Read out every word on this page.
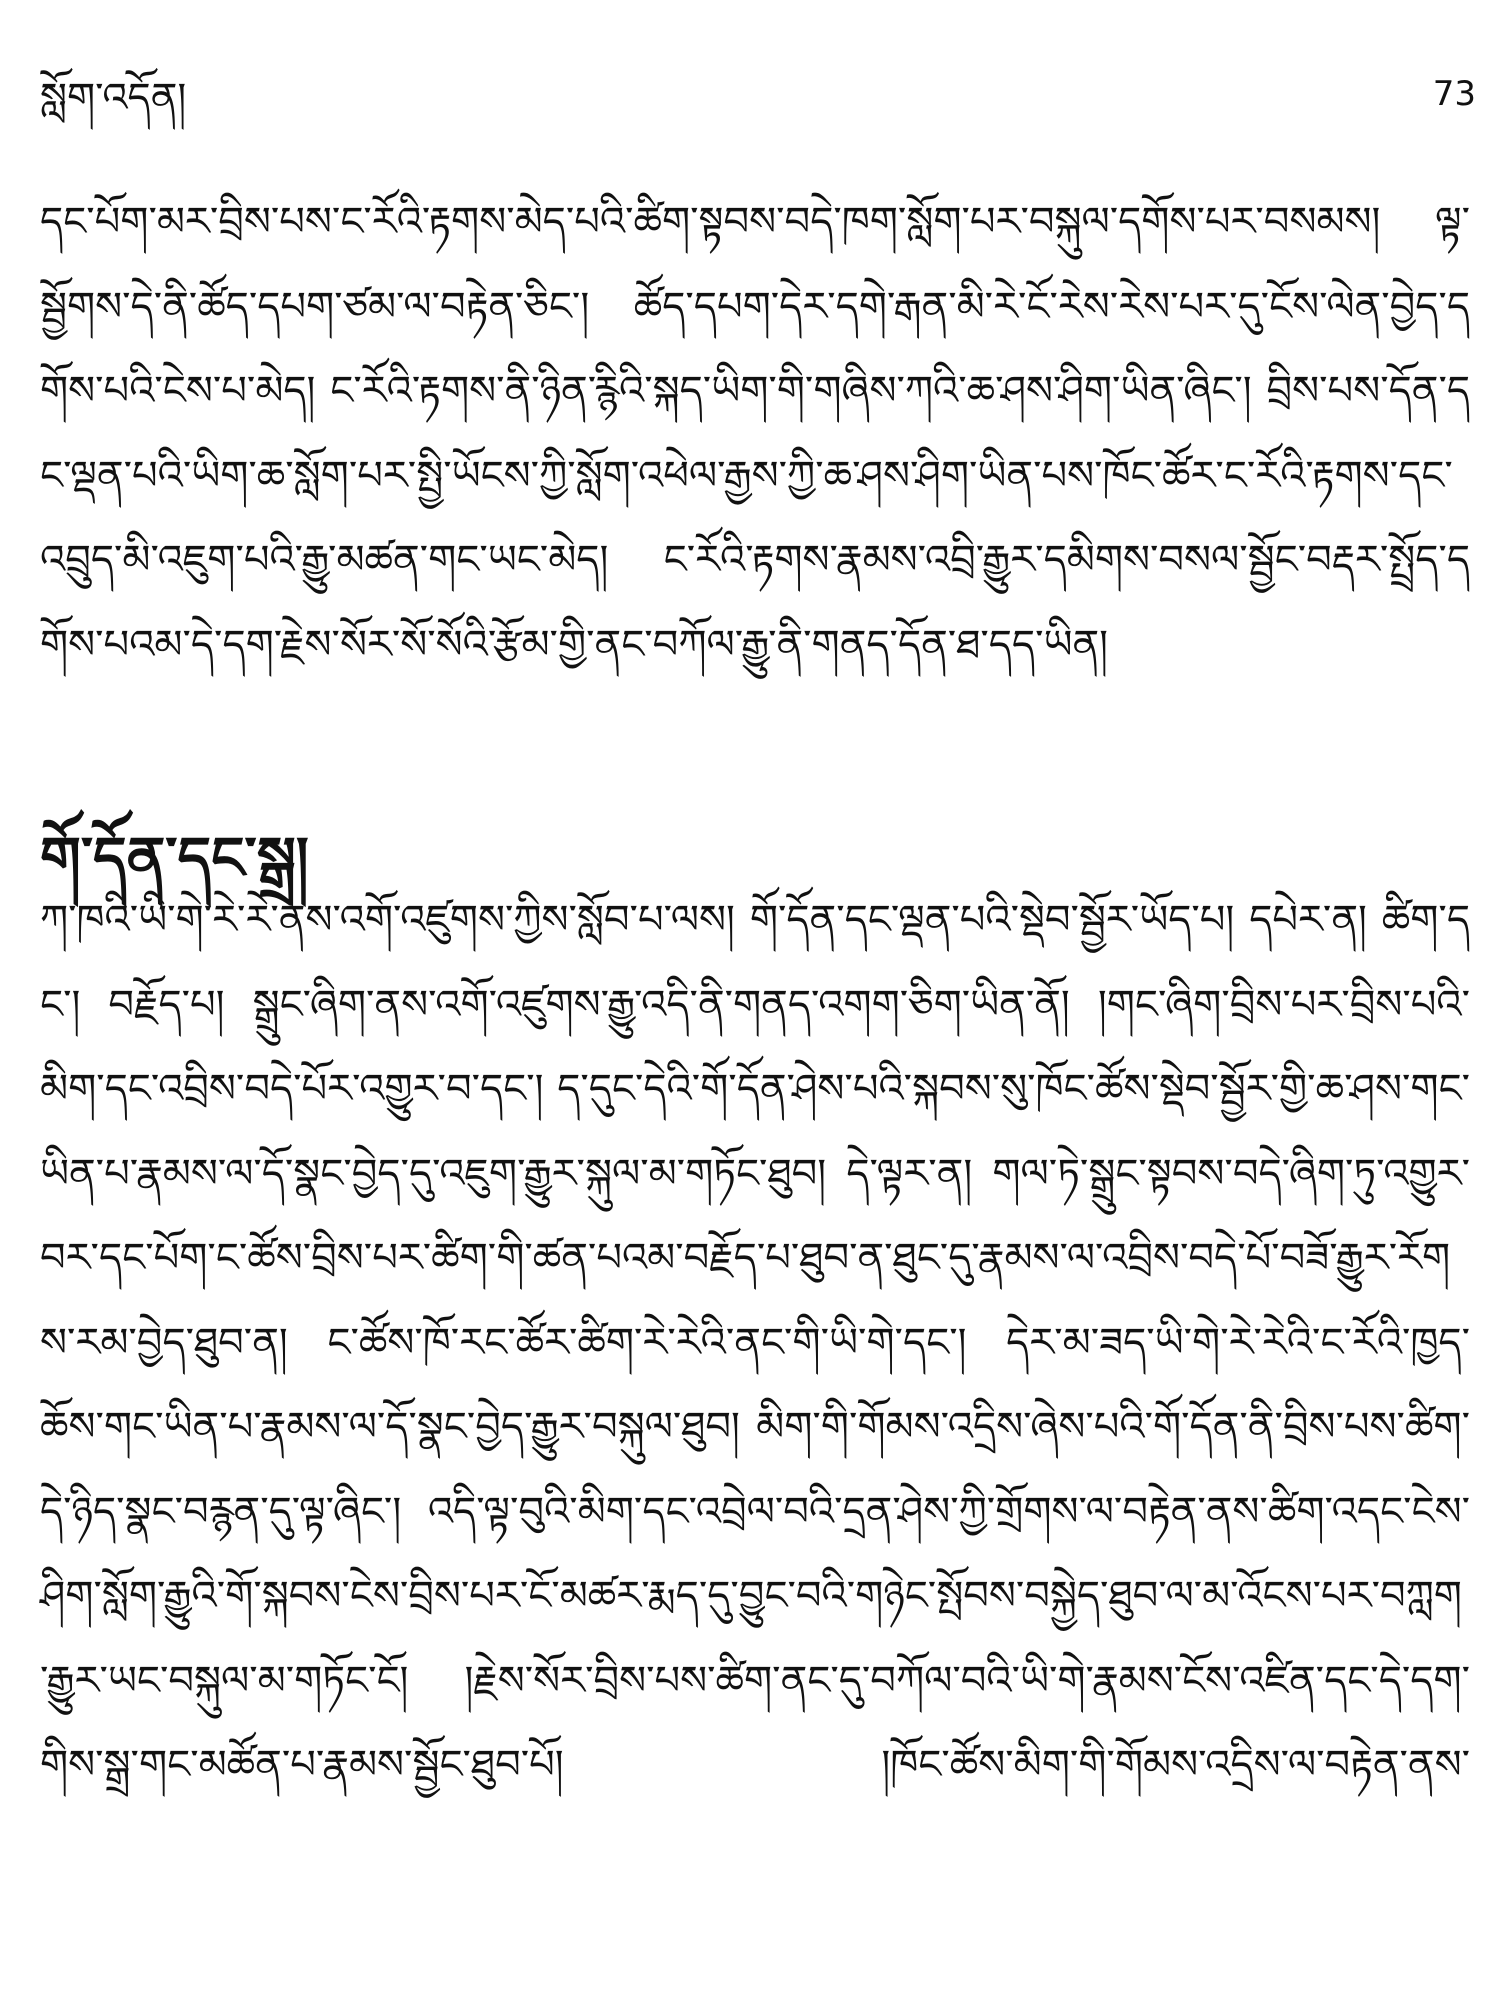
སློག་འདོན།	73

དང་པོག་མར་བྲིས་པས་ང་རོའི་རྟགས་མེད་པའི་ཚིག་སྟབས་བདེ་ཁག་སློག་པར་བསྐུལ་དགོས་པར་བསམས། ལྟ་སྦྱོགས་དེ་ནི་ཚོད་དཔག་ཙམ་ལ་བརྟེན་ཅིང་། ཚོད་དཔག་དེར་དགེ་རྒན་མི་རེ་ངོ་རེས་རེས་པར་དུ་ངོས་ལེན་བྱེད་དགོས་པའི་ངེས་པ་མེད། ང་རོའི་རྟགས་ནི་ཉིན་རྙིའི་སྐད་ཡིག་གི་གཞིས་ཀའི་ཆ་ཤས་ཤིག་ཡིན་ཞིང་། བྲིས་པས་དོན་དང་ལྡན་པའི་ཡིག་ཆ་སློག་པར་སྤྱི་ཡོངས་ཀྱི་སློག་འཕེལ་རྒྱས་ཀྱི་ཆ་ཤས་ཤིག་ཡིན་པས་ཁོང་ཚོར་ང་རོའི་རྟགས་དང་འབྲུད་མི་འཇུག་པའི་རྒྱུ་མཚན་གང་ཡང་མེད། ང་རོའི་རྟགས་རྣམས་འབྲི་རྒྱུར་དམིགས་བསལ་སྦྱོང་བརྡར་སྤྲོད་དགོས་པའམ་དེ་དག་རྗེས་སོར་སོ་སོའི་རྩོམ་གྱི་ནང་བཀོལ་རྒྱུ་ནི་གནད་དོན་ཐ་དད་ཡིན།

གོ་དོན་དང་སྒྲ།

ཀ་ཁའི་ཡི་གེ་རེ་རེ་ནས་འགོ་འཛུགས་ཀྱིས་སློབ་པ་ལས། གོ་དོན་དང་ལྡན་པའི་སྡེབ་སྦྱོར་ཡོད་པ། དཔེར་ན། ཚིག་དང་། བརྗོད་པ། སྒྲུང་ཞིག་ནས་འགོ་འཛུགས་རྒྱུ་འདི་ནི་གནད་འགག་ཅིག་ཡིན་ནོ། །གང་ཞིག་བྲིས་པར་བྲིས་པའི་མིག་དང་འབྲིས་བདེ་པོར་འགྱུར་བ་དང་། ད་དུང་དེའི་གོ་དོན་ཤེས་པའི་སྐབས་སུ་ཁོང་ཚོས་སྡེབ་སྦྱོར་གྱི་ཆ་ཤས་གང་ཡིན་པ་རྣམས་ལ་དོ་སྣང་བྱེད་དུ་འཇུག་རྒྱུར་སྐུལ་མ་གཏོང་ཐུབ། དེ་ལྟར་ན། གལ་ཏེ་སྒྲུང་སྟབས་བདེ་ཞིག་ཏུ་འགྱུར་བར་དང་པོག་ང་ཚོས་བྲིས་པར་ཚིག་གི་ཚན་པའམ་བརྗོད་པ་ཐུབ་ན་ཐུང་དུ་རྣམས་ལ་འབྲིས་བདེ་པོ་བཟོ་རྒྱུར་རོགས་རམ་བྱེད་ཐུབ་ན། ང་ཚོས་ཁོ་རང་ཚོར་ཚིག་རེ་རེའི་ནང་གི་ཡི་གེ་དང་། དེར་མ་ཟད་ཡི་གེ་རེ་རེའི་ང་རོའི་ཁྱད་ཆོས་གང་ཡིན་པ་རྣམས་ལ་དོ་སྣང་བྱེད་རྒྱུར་བསྐུལ་ཐུབ། མིག་གི་གོམས་འདྲིས་ཞེས་པའི་གོ་དོན་ནི་བྲིས་པས་ཚིག་དེ་ཉིད་སྣང་བརྙན་དུ་ལྟ་ཞིང་། འདི་ལྟ་བུའི་མིག་དང་འབྲེལ་བའི་དྲན་ཤེས་ཀྱི་གྲོགས་ལ་བརྟེན་ནས་ཚིག་འདང་ངེས་ཤིག་སློག་རྒྱུའི་གོ་སྐབས་ངེས་བྲིས་པར་ངོ་མཚར་རྨད་དུ་བྱུང་བའི་གཉེང་སྤོབས་བསྐྱེད་ཐུབ་ལ་མ་འོངས་པར་བཀླག་རྒྱུར་ཡང་བསྐུལ་མ་གཏོང་ངོ། །རྗེས་སོར་བྲིས་པས་ཚིག་ནང་དུ་བཀོལ་བའི་ཡི་གེ་རྣམས་ངོས་འཛིན་དང་དེ་དག་གིས་སྒྲ་གང་མཚོན་པ་རྣམས་སྦྱོང་ཐུབ་པོ། །ཁོང་ཚོས་མིག་གི་གོམས་འདྲིས་ལ་བརྟེན་ནས་
